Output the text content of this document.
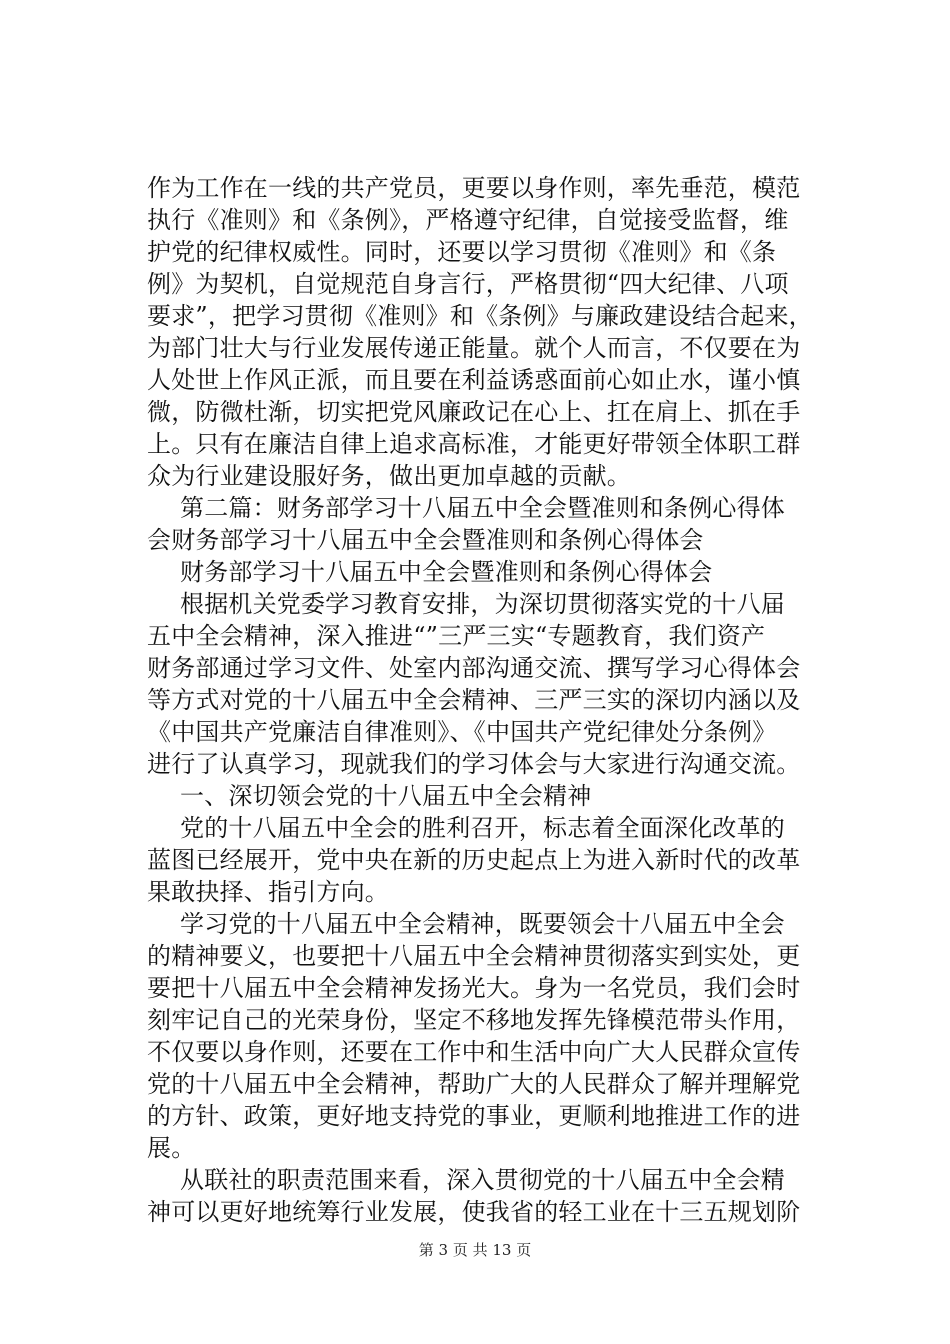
作为工作在一线的共产党员，更要以身作则，率先垂范，模范
执行《准则》和《条例》，严格遵守纪律，自觉接受监督，维
护党的纪律权威性。同时，还要以学习贯彻《准则》和《条
例》为契机，自觉规范自身言行，严格贯彻“四大纪律、八项
要求”，把学习贯彻《准则》和《条例》与廉政建设结合起来，
为部门壮大与行业发展传递正能量。就个人而言，不仅要在为
人处世上作风正派，而且要在利益诱惑面前心如止水，谨小慎
微，防微杜渐，切实把党风廉政记在心上、扛在肩上、抓在手
上。只有在廉洁自律上追求高标准，才能更好带领全体职工群
众为行业建设服好务，做出更加卓越的贡献。
第二篇：财务部学习十八届五中全会暨准则和条例心得体
会财务部学习十八届五中全会暨准则和条例心得体会
财务部学习十八届五中全会暨准则和条例心得体会
根据机关党委学习教育安排，为深切贯彻落实党的十八届
五中全会精神，深入推进“”三严三实“专题教育，我们资产
财务部通过学习文件、处室内部沟通交流、撰写学习心得体会
等方式对党的十八届五中全会精神、三严三实的深切内涵以及
《中国共产党廉洁自律准则》、《中国共产党纪律处分条例》
进行了认真学习，现就我们的学习体会与大家进行沟通交流。
一、深切领会党的十八届五中全会精神
党的十八届五中全会的胜利召开，标志着全面深化改革的
蓝图已经展开，党中央在新的历史起点上为进入新时代的改革
果敢抉择、指引方向。
学习党的十八届五中全会精神，既要领会十八届五中全会
的精神要义，也要把十八届五中全会精神贯彻落实到实处，更
要把十八届五中全会精神发扬光大。身为一名党员，我们会时
刻牢记自己的光荣身份，坚定不移地发挥先锋模范带头作用，
不仅要以身作则，还要在工作中和生活中向广大人民群众宣传
党的十八届五中全会精神，帮助广大的人民群众了解并理解党
的方针、政策，更好地支持党的事业，更顺利地推进工作的进
展。
从联社的职责范围来看，深入贯彻党的十八届五中全会精
神可以更好地统筹行业发展，使我省的轻工业在十三五规划阶
第 3 页 共 13 页
